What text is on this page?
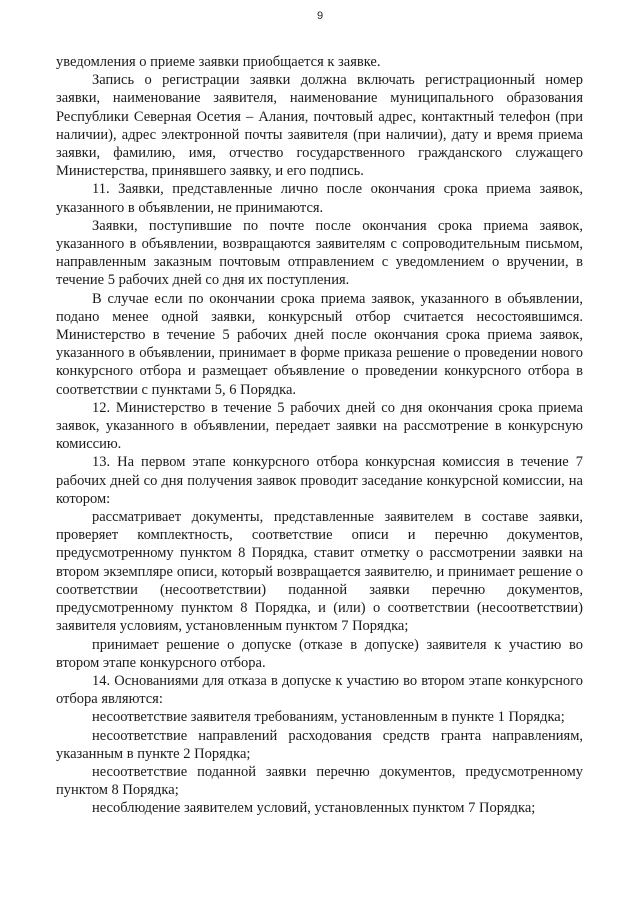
9

уведомления о приеме заявки приобщается к заявке.

Запись о регистрации заявки должна включать регистрационный номер заявки, наименование заявителя, наименование муниципального образования Республики Северная Осетия – Алания, почтовый адрес, контактный телефон (при наличии), адрес электронной почты заявителя (при наличии), дату и время приема заявки, фамилию, имя, отчество государственного гражданского служащего Министерства, принявшего заявку, и его подпись.

11. Заявки, представленные лично после окончания срока приема заявок, указанного в объявлении, не принимаются.

Заявки, поступившие по почте после окончания срока приема заявок, указанного в объявлении, возвращаются заявителям с сопроводительным письмом, направленным заказным почтовым отправлением с уведомлением о вручении, в течение 5 рабочих дней со дня их поступления.

В случае если по окончании срока приема заявок, указанного в объявлении, подано менее одной заявки, конкурсный отбор считается несостоявшимся. Министерство в течение 5 рабочих дней после окончания срока приема заявок, указанного в объявлении, принимает в форме приказа решение о проведении нового конкурсного отбора и размещает объявление о проведении конкурсного отбора в соответствии с пунктами 5, 6 Порядка.

12. Министерство в течение 5 рабочих дней со дня окончания срока приема заявок, указанного в объявлении, передает заявки на рассмотрение в конкурсную комиссию.

13. На первом этапе конкурсного отбора конкурсная комиссия в течение 7 рабочих дней со дня получения заявок проводит заседание конкурсной комиссии, на котором:

рассматривает документы, представленные заявителем в составе заявки, проверяет комплектность, соответствие описи и перечню документов, предусмотренному пунктом 8 Порядка, ставит отметку о рассмотрении заявки на втором экземпляре описи, который возвращается заявителю, и принимает решение о соответствии (несоответствии) поданной заявки перечню документов, предусмотренному пунктом 8 Порядка, и (или) о соответствии (несоответствии) заявителя условиям, установленным пунктом 7 Порядка;

принимает решение о допуске (отказе в допуске) заявителя к участию во втором этапе конкурсного отбора.

14. Основаниями для отказа в допуске к участию во втором этапе конкурсного отбора являются:

несоответствие заявителя требованиям, установленным в пункте 1 Порядка;

несоответствие направлений расходования средств гранта направлениям, указанным в пункте 2 Порядка;

несоответствие поданной заявки перечню документов, предусмотренному пунктом 8 Порядка;

несоблюдение заявителем условий, установленных пунктом 7 Порядка;
